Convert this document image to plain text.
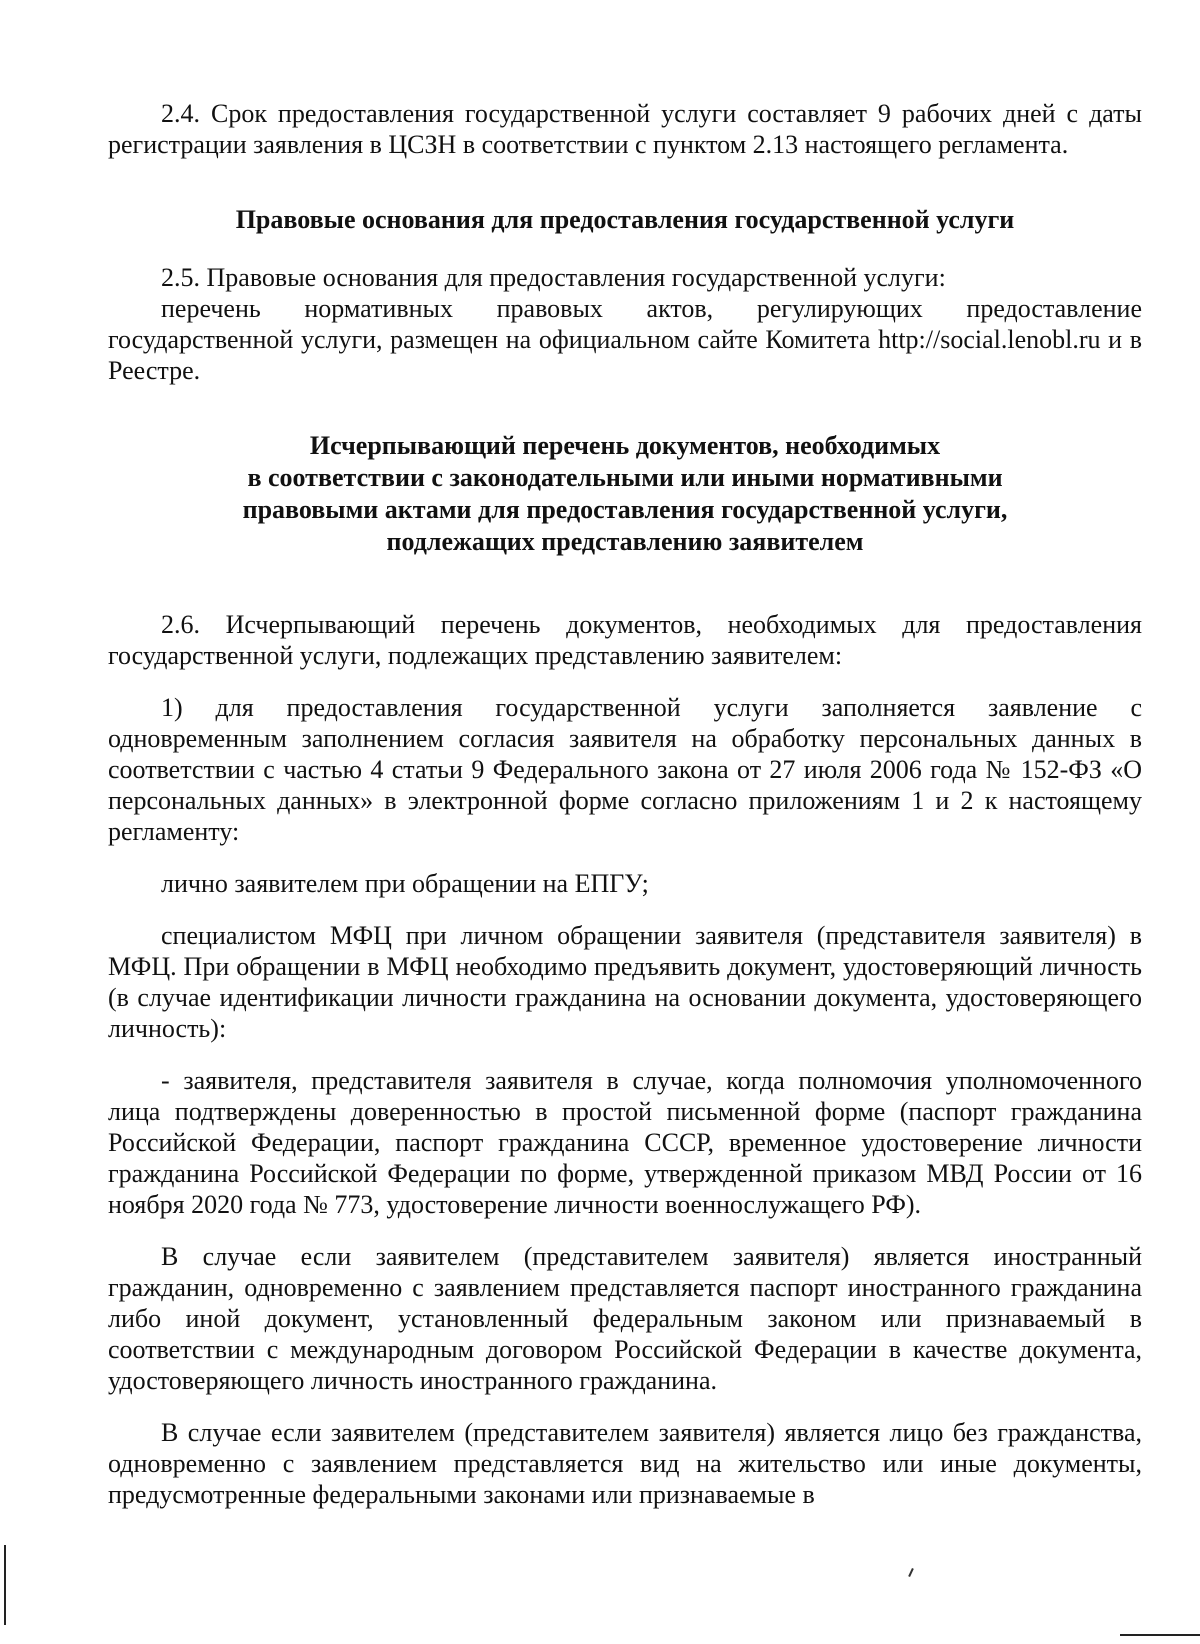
2.4. Срок предоставления государственной услуги составляет 9 рабочих дней с даты регистрации заявления в ЦСЗН в соответствии с пунктом 2.13 настоящего регламента.

Правовые основания для предоставления государственной услуги

2.5. Правовые основания для предоставления государственной услуги:

перечень нормативных правовых актов, регулирующих предоставление государственной услуги, размещен на официальном сайте Комитета http://social.lenobl.ru и в Реестре.

Исчерпывающий перечень документов, необходимых
в соответствии с законодательными или иными нормативными
правовыми актами для предоставления государственной услуги,
подлежащих представлению заявителем

2.6. Исчерпывающий перечень документов, необходимых для предоставления государственной услуги, подлежащих представлению заявителем:

1) для предоставления государственной услуги заполняется заявление с одновременным заполнением согласия заявителя на обработку персональных данных в соответствии с частью 4 статьи 9 Федерального закона от 27 июля 2006 года № 152-ФЗ «О персональных данных» в электронной форме согласно приложениям 1 и 2 к настоящему регламенту:

лично заявителем при обращении на ЕПГУ;

специалистом МФЦ при личном обращении заявителя (представителя заявителя) в МФЦ. При обращении в МФЦ необходимо предъявить документ, удостоверяющий личность (в случае идентификации личности гражданина на основании документа, удостоверяющего личность):

- заявителя, представителя заявителя в случае, когда полномочия уполномоченного лица подтверждены доверенностью в простой письменной форме (паспорт гражданина Российской Федерации, паспорт гражданина СССР, временное удостоверение личности гражданина Российской Федерации по форме, утвержденной приказом МВД России от 16 ноября 2020 года № 773, удостоверение личности военнослужащего РФ).

В случае если заявителем (представителем заявителя) является иностранный гражданин, одновременно с заявлением представляется паспорт иностранного гражданина либо иной документ, установленный федеральным законом или признаваемый в соответствии с международным договором Российской Федерации в качестве документа, удостоверяющего личность иностранного гражданина.

В случае если заявителем (представителем заявителя) является лицо без гражданства, одновременно с заявлением представляется вид на жительство или иные документы, предусмотренные федеральными законами или признаваемые в
